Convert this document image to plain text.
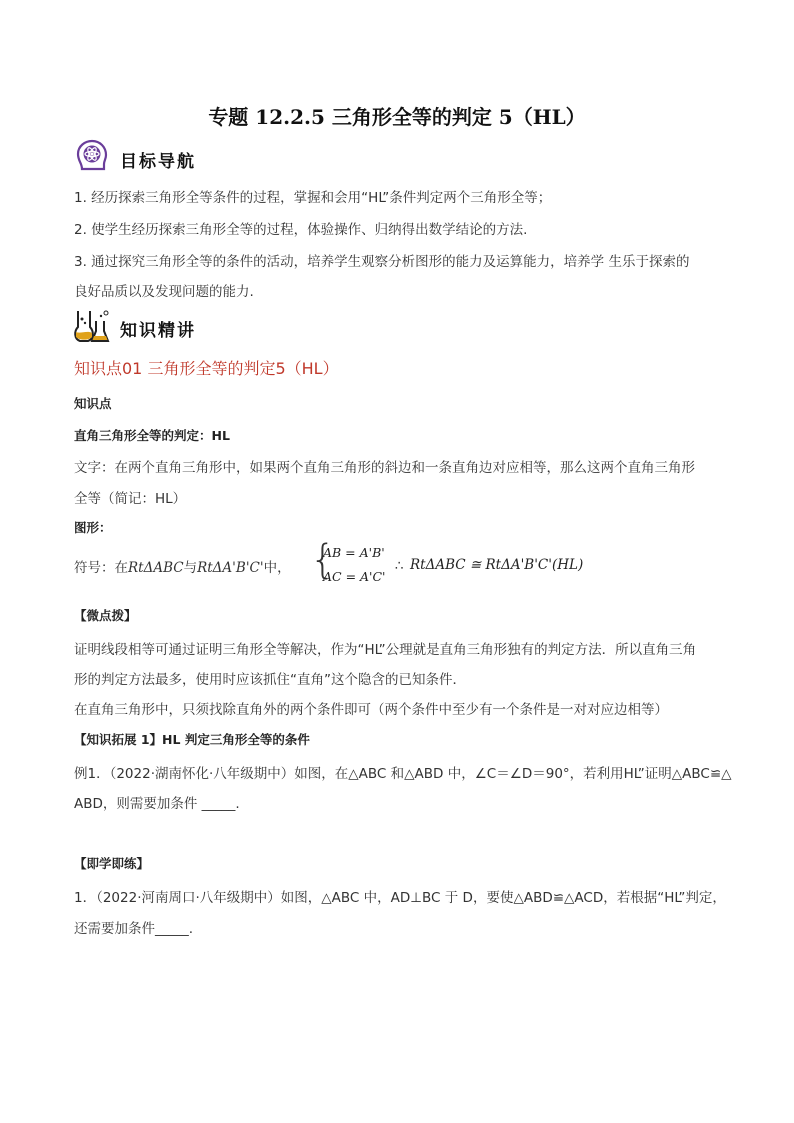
专题 12.2.5 三角形全等的判定 5（HL）
目标导航
1. 经历探索三角形全等条件的过程，掌握和会用“HL”条件判定两个三角形全等；
2. 使学生经历探索三角形全等的过程，体验操作、归纳得出数学结论的方法.
3. 通过探究三角形全等的条件的活动，培养学生观察分析图形的能力及运算能力，培养学 生乐于探索的
良好品质以及发现问题的能力.
知识精讲
知识点01 三角形全等的判定5（HL）
知识点
直角三角形全等的判定：HL
文字：在两个直角三角形中，如果两个直角三角形的斜边和一条直角边对应相等，那么这两个直角三角形
全等（简记：HL）
图形：
符号：在RtΔABC与RtΔA'B'C'中， {
AB = A'B'
AC = A'C'
∴ RtΔABC ≅ RtΔA'B'C'(HL)
【微点拨】
证明线段相等可通过证明三角形全等解决，作为“HL”公理就是直角三角形独有的判定方法．所以直角三角
形的判定方法最多，使用时应该抓住“直角”这个隐含的已知条件．
在直角三角形中，只须找除直角外的两个条件即可（两个条件中至少有一个条件是一对对应边相等）
【知识拓展 1】HL 判定三角形全等的条件
例1．（2022·湖南怀化·八年级期中）如图，在△ABC 和△ABD 中，∠C＝∠D＝90°，若利用HL”证明△ABC≌△
ABD，则需要加条件 _____.
【即学即练】
1．（2022·河南周口·八年级期中）如图，△ABC 中，AD⊥BC 于 D，要使△ABD≌△ACD，若根据“HL”判定，
还需要加条件_____.
